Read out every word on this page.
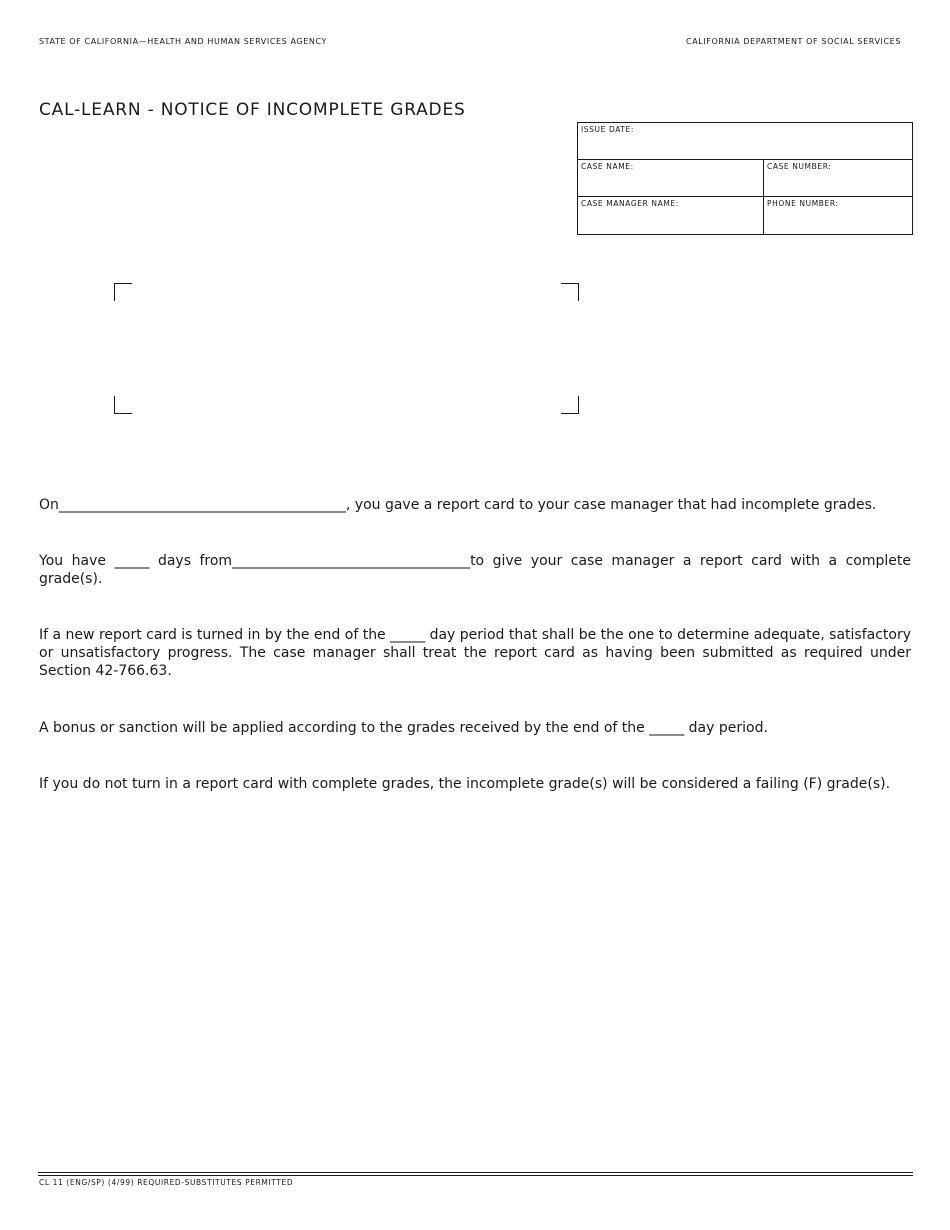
STATE OF CALIFORNIA—HEALTH AND HUMAN SERVICES AGENCY	CALIFORNIA DEPARTMENT OF SOCIAL SERVICES
CAL-LEARN - NOTICE OF INCOMPLETE GRADES
ISSUE DATE:
CASE NAME:	CASE NUMBER:
CASE MANAGER NAME:	PHONE NUMBER:
On_________________________________________, you gave a report card to your case manager that had incomplete grades.
You have _____ days from__________________________________to give your case manager a report card with a complete grade(s).
If a new report card is turned in by the end of the _____ day period that shall be the one to determine adequate, satisfactory or unsatisfactory progress. The case manager shall treat the report card as having been submitted as required under Section 42-766.63.
A bonus or sanction will be applied according to the grades received by the end of the _____ day period.
If you do not turn in a report card with complete grades, the incomplete grade(s) will be considered a failing (F) grade(s).
CL 11 (ENG/SP) (4/99) REQUIRED-SUBSTITUTES PERMITTED
